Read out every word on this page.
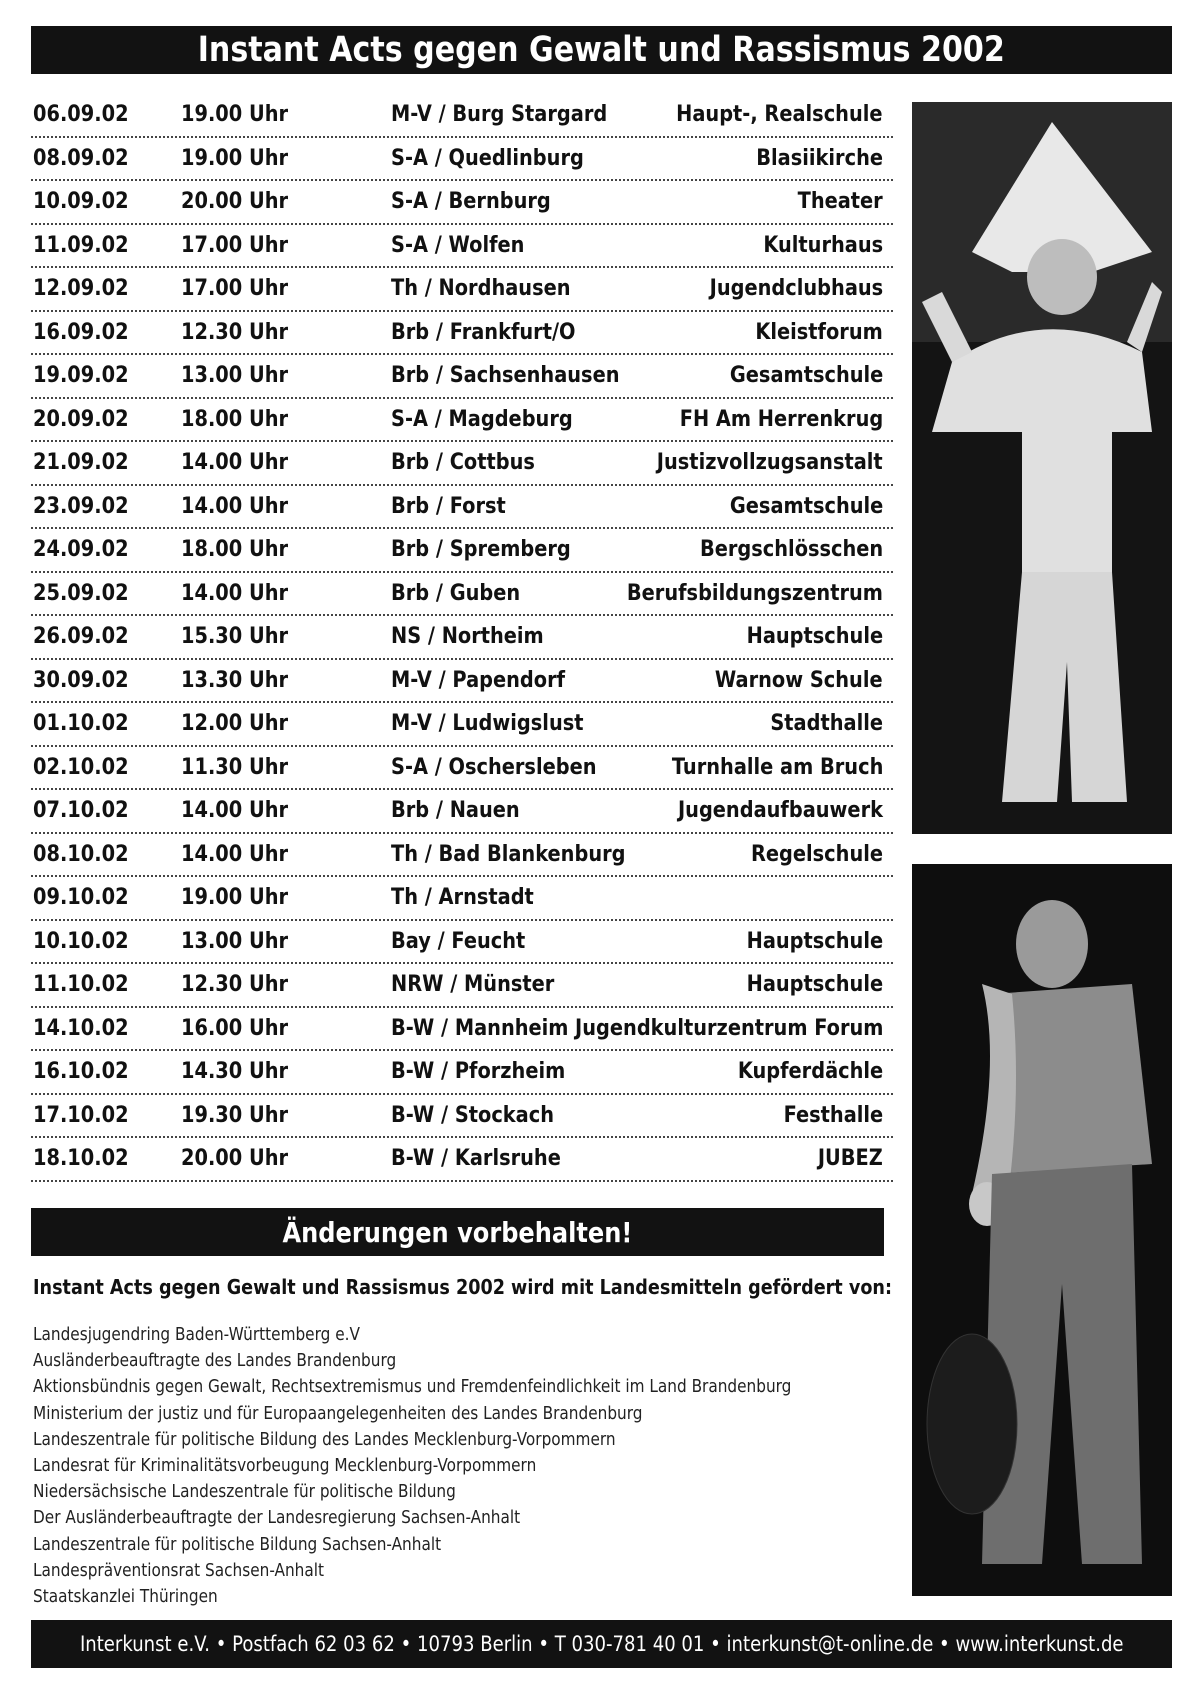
Instant Acts gegen Gewalt und Rassismus 2002
06.09.02	19.00 Uhr	M-V / Burg Stargard	Haupt-, Realschule
08.09.02	19.00 Uhr	S-A / Quedlinburg	Blasiikirche
10.09.02	20.00 Uhr	S-A / Bernburg	Theater
11.09.02	17.00 Uhr	S-A / Wolfen	Kulturhaus
12.09.02	17.00 Uhr	Th / Nordhausen	Jugendclubhaus
16.09.02	12.30 Uhr	Brb / Frankfurt/O	Kleistforum
19.09.02	13.00 Uhr	Brb / Sachsenhausen	Gesamtschule
20.09.02	18.00 Uhr	S-A / Magdeburg	FH Am Herrenkrug
21.09.02	14.00 Uhr	Brb / Cottbus	Justizvollzugsanstalt
23.09.02	14.00 Uhr	Brb / Forst	Gesamtschule
24.09.02	18.00 Uhr	Brb / Spremberg	Bergschlösschen
25.09.02	14.00 Uhr	Brb / Guben	Berufsbildungszentrum
26.09.02	15.30 Uhr	NS / Northeim	Hauptschule
30.09.02	13.30 Uhr	M-V / Papendorf	Warnow Schule
01.10.02	12.00 Uhr	M-V / Ludwigslust	Stadthalle
02.10.02	11.30 Uhr	S-A / Oschersleben	Turnhalle am Bruch
07.10.02	14.00 Uhr	Brb / Nauen	Jugendaufbauwerk
08.10.02	14.00 Uhr	Th / Bad Blankenburg	Regelschule
09.10.02	19.00 Uhr	Th / Arnstadt
10.10.02	13.00 Uhr	Bay / Feucht	Hauptschule
11.10.02	12.30 Uhr	NRW / Münster	Hauptschule
14.10.02	16.00 Uhr	B-W / Mannheim Jugendkulturzentrum Forum
16.10.02	14.30 Uhr	B-W / Pforzheim	Kupferdächle
17.10.02	19.30 Uhr	B-W / Stockach	Festhalle
18.10.02	20.00 Uhr	B-W / Karlsruhe	JUBEZ
Änderungen vorbehalten!
Instant Acts gegen Gewalt und Rassismus 2002 wird mit Landesmitteln gefördert von:
Landesjugendring Baden-Württemberg e.V
Ausländerbeauftragte des Landes Brandenburg
Aktionsbündnis gegen Gewalt, Rechtsextremismus und Fremdenfeindlichkeit im Land Brandenburg
Ministerium der justiz und für Europaangelegenheiten des Landes Brandenburg
Landeszentrale für politische Bildung des Landes Mecklenburg-Vorpommern
Landesrat für Kriminalitätsvorbeugung Mecklenburg-Vorpommern
Niedersächsische Landeszentrale für politische Bildung
Der Ausländerbeauftragte der Landesregierung Sachsen-Anhalt
Landeszentrale für politische Bildung Sachsen-Anhalt
Landespräventionsrat Sachsen-Anhalt
Staatskanzlei Thüringen
Interkunst e.V. • Postfach 62 03 62 • 10793 Berlin • T 030-781 40 01 • interkunst@t-online.de • www.interkunst.de
